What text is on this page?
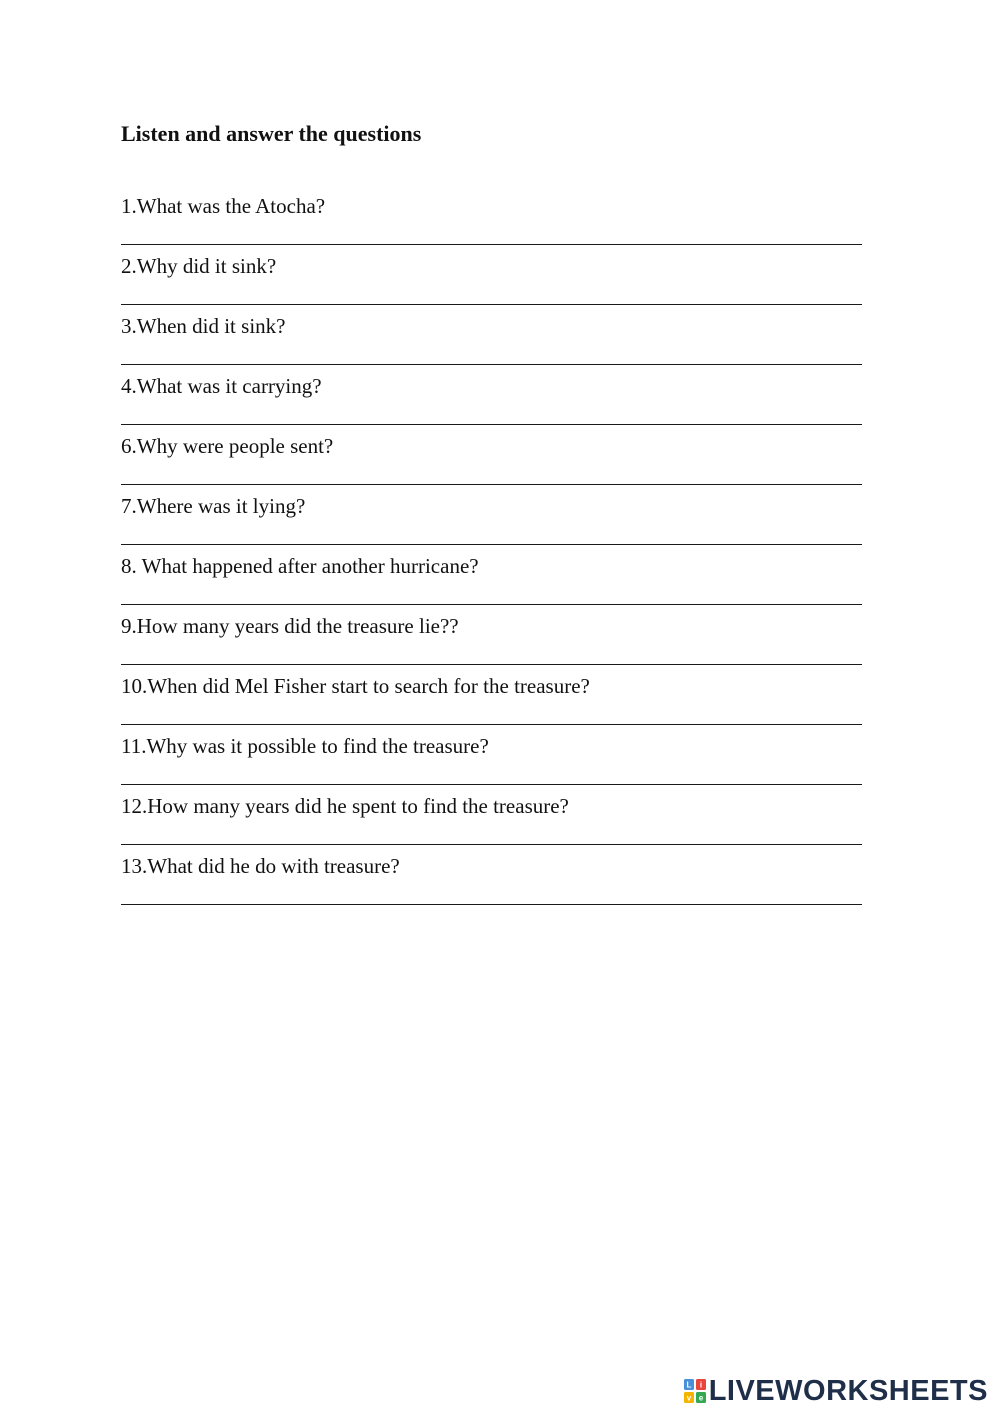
Listen and answer the questions
1.What was the Atocha?
2.Why did it sink?
3.When did it sink?
4.What was it carrying?
6.Why were people sent?
7.Where was it lying?
8. What happened after another hurricane?
9.How many years did the treasure lie??
10.When did Mel Fisher start to search for the treasure?
11.Why was it possible to find the treasure?
12.How many years did he spent to find the treasure?
13.What did he do with treasure?
L i
v e LIVEWORKSHEETS
